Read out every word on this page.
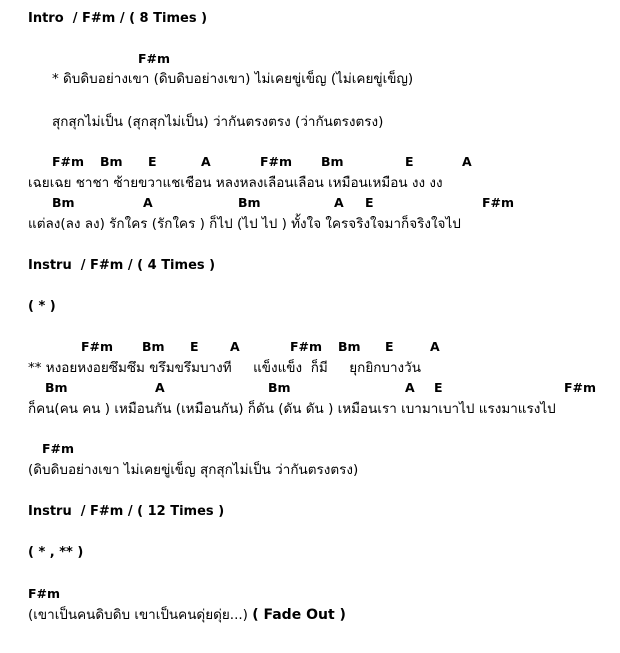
Intro  / F#m / ( 8 Times )
F#m
* ดิบดิบอย่างเขา (ดิบดิบอย่างเขา) ไม่เคยขู่เข็ญ (ไม่เคยขู่เข็ญ)
สุกสุกไม่เป็น (สุกสุกไม่เป็น) ว่ากันตรงตรง (ว่ากันตรงตรง)
F#m Bm E	A	F#m Bm	E	A
เฉยเฉย ชาชา ซ้ายขวาแชเชือน หลงหลงเลือนเลือน เหมือนเหมือน งง งง
Bm	A	Bm	A E	F#m
แต่ลง(ลง ลง) รักใคร (รักใคร ) ก็ไป (ไป ไป ) ทั้งใจ ใครจริงใจมาก็จริงใจไป
Instru  / F#m / ( 4 Times )
( * )
F#m Bm E	A	F#m Bm E	A
** หงอยหงอยซึมซึม ขรึมขรึมบางที     แข็งแข็ง  ก็มี     ยุกยิกบางวัน
Bm	A	Bm	A E	F#m
ก็คน(คน คน ) เหมือนกัน (เหมือนกัน) ก็ดัน (ดัน ดัน ) เหมือนเรา เบามาเบาไป แรงมาแรงไป
F#m
(ดิบดิบอย่างเขา ไม่เคยขู่เข็ญ สุกสุกไม่เป็น ว่ากันตรงตรง)
Instru  / F#m / ( 12 Times )
( * , ** )
F#m
(เขาเป็นคนดิบดิบ เขาเป็นคนดุ่ยดุ่ย...) ( Fade Out )
